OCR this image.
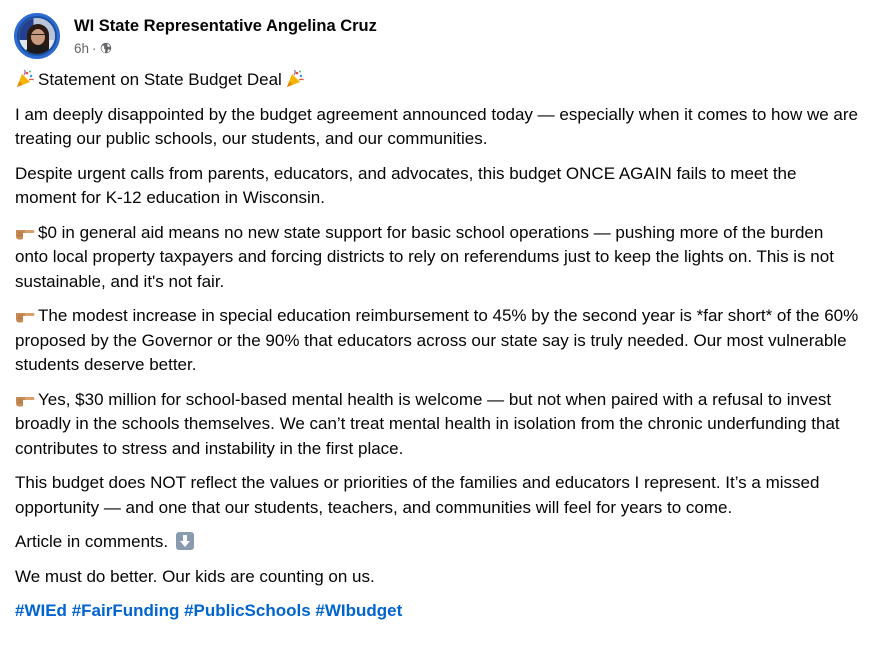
WI State Representative Angelina Cruz
6h ·

Statement on State Budget Deal

I am deeply disappointed by the budget agreement announced today — especially when it comes to how we are treating our public schools, our students, and our communities.

Despite urgent calls from parents, educators, and advocates, this budget ONCE AGAIN fails to meet the moment for K-12 education in Wisconsin.

$0 in general aid means no new state support for basic school operations — pushing more of the burden onto local property taxpayers and forcing districts to rely on referendums just to keep the lights on. This is not sustainable, and it's not fair.

The modest increase in special education reimbursement to 45% by the second year is *far short* of the 60% proposed by the Governor or the 90% that educators across our state say is truly needed. Our most vulnerable students deserve better.

Yes, $30 million for school-based mental health is welcome — but not when paired with a refusal to invest broadly in the schools themselves. We can’t treat mental health in isolation from the chronic underfunding that contributes to stress and instability in the first place.

This budget does NOT reflect the values or priorities of the families and educators I represent. It’s a missed opportunity — and one that our students, teachers, and communities will feel for years to come.

Article in comments.

We must do better. Our kids are counting on us.

#WIEd #FairFunding #PublicSchools #WIbudget
